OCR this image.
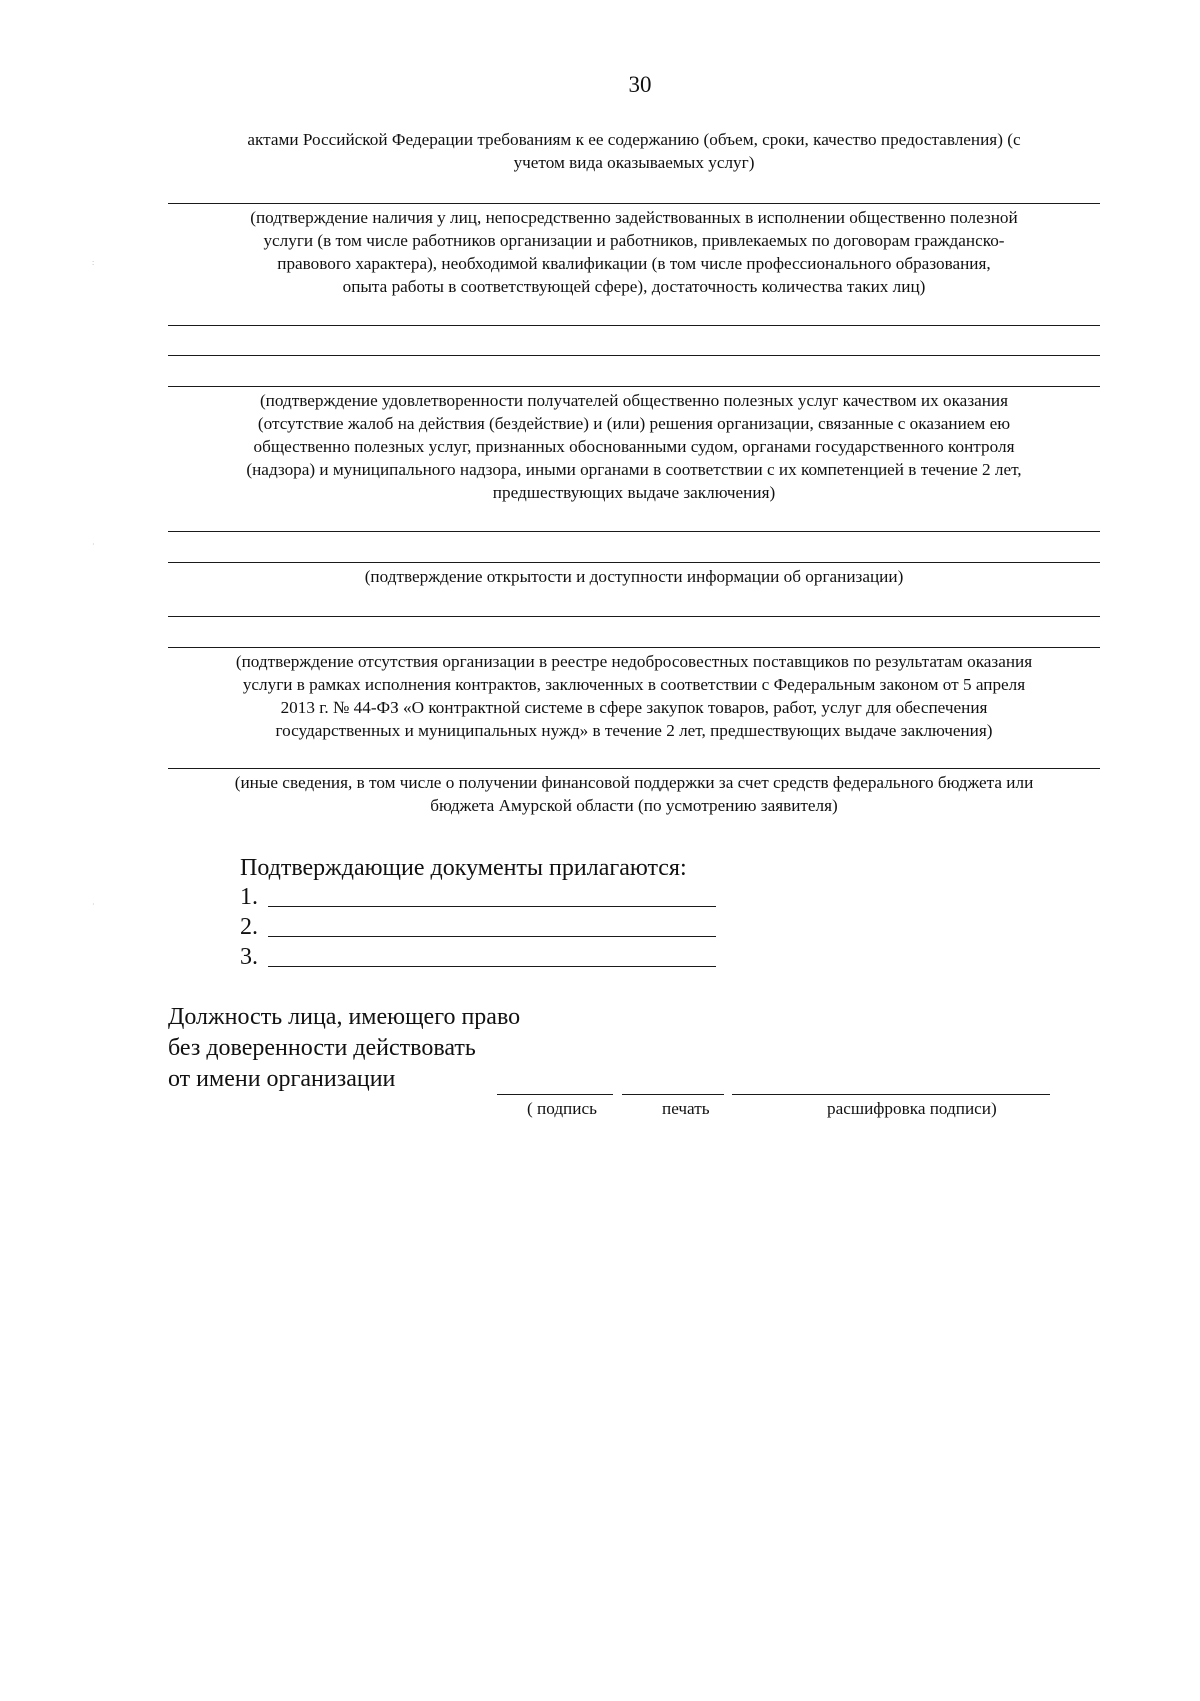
30
актами Российской Федерации требованиям к ее содержанию (объем, сроки, качество предоставления) (с
учетом вида оказываемых услуг)
(подтверждение наличия у лиц, непосредственно задействованных в исполнении общественно полезной
услуги (в том числе работников организации и работников, привлекаемых по договорам гражданско-
правового характера), необходимой квалификации (в том числе профессионального образования,
опыта работы в соответствующей сфере), достаточность количества таких лиц)
(подтверждение удовлетворенности получателей общественно полезных услуг качеством их оказания
(отсутствие жалоб на действия (бездействие) и (или) решения организации, связанные с оказанием ею
общественно полезных услуг, признанных обоснованными судом, органами государственного контроля
(надзора) и муниципального надзора, иными органами в соответствии с их компетенцией в течение 2 лет,
предшествующих выдаче заключения)
(подтверждение открытости и доступности информации об организации)
(подтверждение отсутствия организации в реестре недобросовестных поставщиков по результатам оказания
услуги в рамках исполнения контрактов, заключенных в соответствии с Федеральным законом от 5 апреля
2013 г. № 44-ФЗ «О контрактной системе в сфере закупок товаров, работ, услуг для обеспечения
государственных и муниципальных нужд» в течение 2 лет, предшествующих выдаче заключения)
(иные сведения, в том числе о получении финансовой поддержки за счет средств федерального бюджета или
бюджета Амурской области (по усмотрению заявителя)
Подтверждающие документы прилагаются:
1.
2.
3.
Должность лица, имеющего право
без доверенности действовать
от имени организации
( подпись	печать	расшифровка подписи)
:
·
·
